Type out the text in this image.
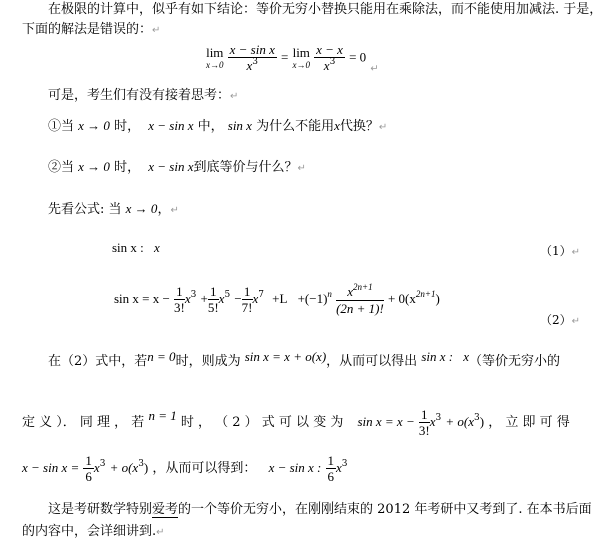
在极限的计算中，似乎有如下结论：等价无穷小替换只能用在乘除法，而不能使用加减法. 于是，
下面的解法是错误的：↵
lim
x→0
$\frac{\text{x − sin x}}{x^3} = \lim$
x→0
$\frac{x - x}{x^3} = 0$ $_↵$
可是，考生们有没有接着思考：↵
①当 x → 0 时， x − sin x 中， sin x 为什么不能用x代换？↵
②当 x → 0 时， x − sin x到底等价与什么？↵
先看公式: 当 x → 0，↵
sin x : x	（1）↵
$\sin x = x - \frac{1}{3!} x^3 + \frac{1}{5!} x^5 - \frac{1}{7!} x^7 +L +(-1)^n \frac{x^{2n+1}}{(2n + 1)!} + 0(x^{2n+1})$
（2）↵
在（2）式中，若n = 0时，则成为 sin x = x + o(x)，从而可以得出 sin x : x（等价无穷小的
定 义 ）． 同 理 ， 若 n = 1 时 ， （ 2 ） 式 可 以 变 为 $\sin x = x - \frac{1}{3!} x^3 + o(x^3)$ ， 立 即 可 得
$x - \sin x = \frac{1}{6} x^3 + o(x^3)$ ，从而可以得到： x − sin x : $\frac{1}{6} x^3$
这是考研数学特别爱考的一个等价无穷小，在刚刚结束的 2012 年考研中又考到了. 在本书后面
的内容中，会详细讲到.↵
